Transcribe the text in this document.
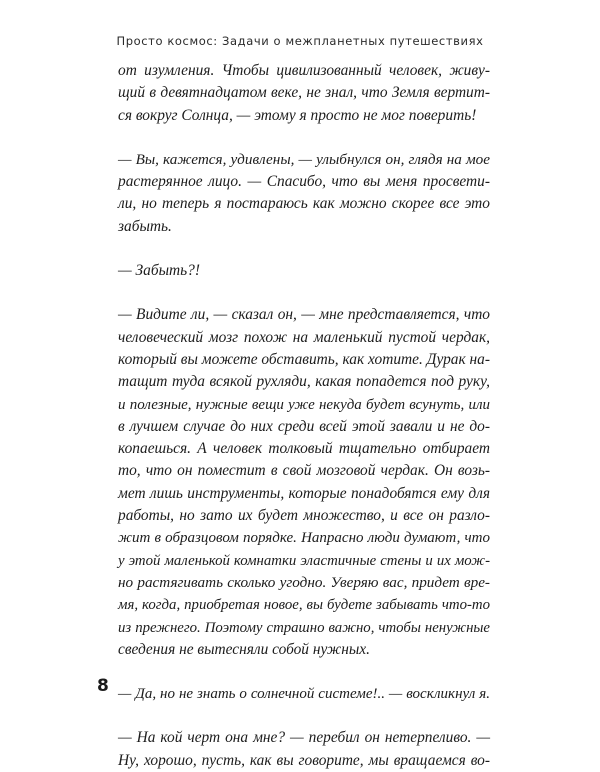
Просто космос: Задачи о межпланетных путешествиях
от изумления. Чтобы цивилизованный человек, живу-
щий в девятнадцатом веке, не знал, что Земля вертит-
ся вокруг Солнца, — этому я просто не мог поверить!
— Вы, кажется, удивлены, — улыбнулся он, глядя на мое
растерянное лицо. — Спасибо, что вы меня просвети-
ли, но теперь я постараюсь как можно скорее все это
забыть.
— Забыть?!
— Видите ли, — сказал он, — мне представляется, что
человеческий мозг похож на маленький пустой чердак,
который вы можете обставить, как хотите. Дурак на-
тащит туда всякой рухляди, какая попадется под руку,
и полезные, нужные вещи уже некуда будет всунуть, или
в лучшем случае до них среди всей этой завали и не до-
копаешься. А человек толковый тщательно отбирает
то, что он поместит в свой мозговой чердак. Он возь-
мет лишь инструменты, которые понадобятся ему для
работы, но зато их будет множество, и все он разло-
жит в образцовом порядке. Напрасно люди думают, что
у этой маленькой комнатки эластичные стены и их мож-
но растягивать сколько угодно. Уверяю вас, придет вре-
мя, когда, приобретая новое, вы будете забывать что-то
из прежнего. Поэтому страшно важно, чтобы ненужные
сведения не вытесняли собой нужных.
— Да, но не знать о солнечной системе!.. — воскликнул я.
— На кой черт она мне? — перебил он нетерпеливо. —
Ну, хорошо, пусть, как вы говорите, мы вращаемся во-
8
